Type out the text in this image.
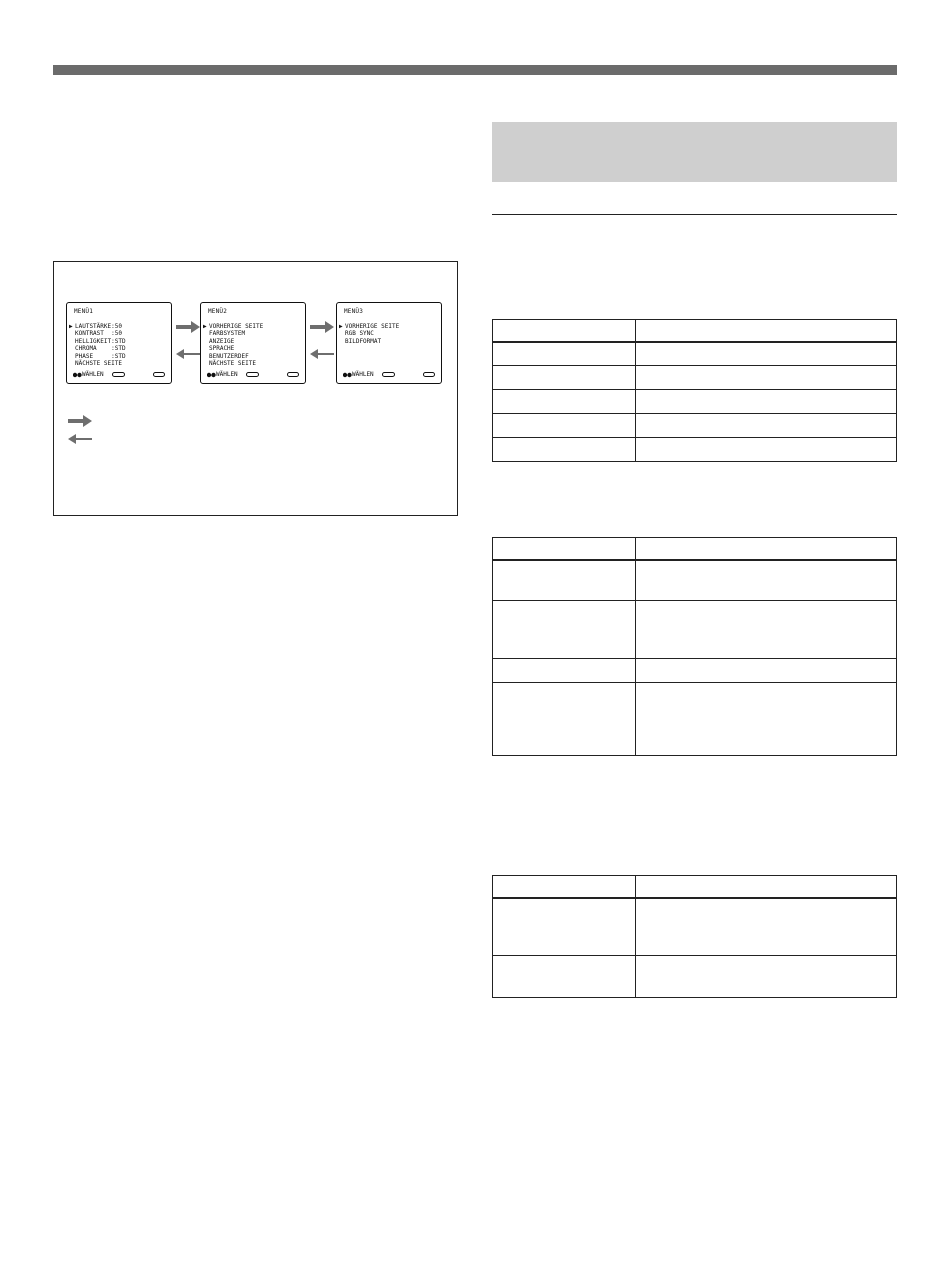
MENÜ1
▶ LAUTSTÄRKE:50
KONTRAST  :50
HELLIGKEIT:STD
CHROMA    :STD
PHASE     :STD
NÄCHSTE SEITE
WÄHLEN
MENÜ2
▶ VORHERIGE SEITE
FARBSYSTEM
ANZEIGE
SPRACHE
BENUTZERDEF
NÄCHSTE SEITE
WÄHLEN
MENÜ3
▶ VORHERIGE SEITE
RGB SYNC
BILDFORMAT
WÄHLEN
